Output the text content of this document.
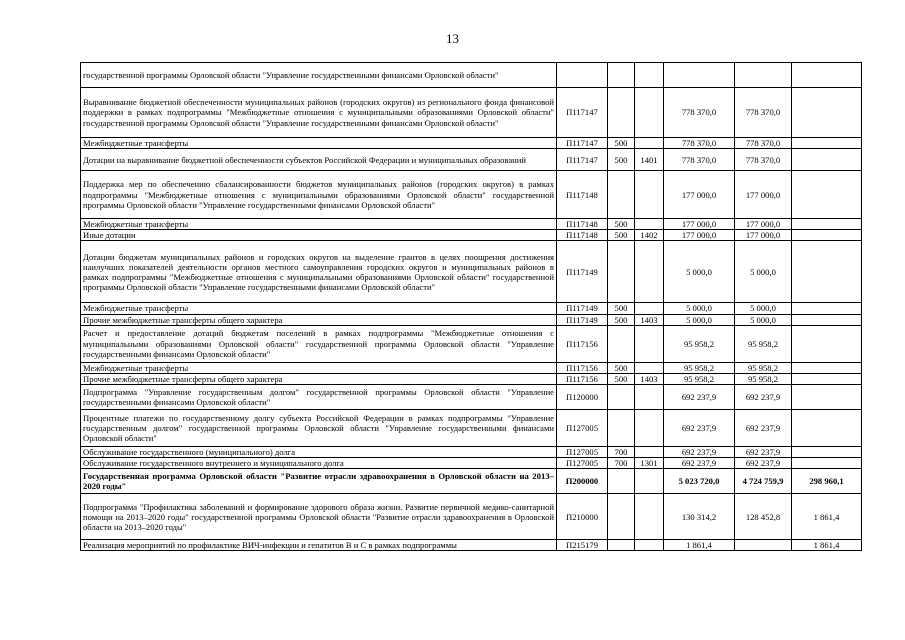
13
государственной программы Орловской области "Управление государственными финансами Орловской области"						
Выравнивание бюджетной обеспеченности муниципальных районов (городских округов) из регионального фонда финансовой поддержки в рамках подпрограммы "Межбюджетные отношения с муниципальными образованиями Орловской области" государственной программы Орловской области "Управление государственными финансами Орловской области"	П117147			778 370,0	778 370,0	
Межбюджетные трансферты	П117147	500		778 370,0	778 370,0	
Дотации на выравнивание бюджетной обеспеченности субъектов Российской Федерации и муниципальных образований	П117147	500	1401	778 370,0	778 370,0	
Поддержка мер по обеспечению сбалансированности бюджетов муниципальных районов (городских округов) в рамках подпрограммы "Межбюджетные отношения с муниципальными образованиями Орловской области" государственной программы Орловской области "Управление государственными финансами Орловской области"	П117148			177 000,0	177 000,0	
Межбюджетные трансферты	П117148	500		177 000,0	177 000,0	
Иные дотации	П117148	500	1402	177 000,0	177 000,0	
Дотации бюджетам муниципальных районов и городских округов на выделение грантов в целях поощрения достижения наилучших показателей деятельности органов местного самоуправления городских округов и муниципальных районов в рамках подпрограммы "Межбюджетные отношения с муниципальными образованиями Орловской области" государственной программы Орловской области "Управление государственными финансами Орловской области"	П117149			5 000,0	5 000,0	
Межбюджетные трансферты	П117149	500		5 000,0	5 000,0	
Прочие межбюджетные трансферты общего характера	П117149	500	1403	5 000,0	5 000,0	
Расчет и предоставление дотаций бюджетам поселений в рамках подпрограммы "Межбюджетные отношения с муниципальными образованиями Орловской области" государственной программы Орловской области "Управление государственными финансами Орловской области"	П117156			95 958,2	95 958,2	
Межбюджетные трансферты	П117156	500		95 958,2	95 958,2	
Прочие межбюджетные трансферты общего характера	П117156	500	1403	95 958,2	95 958,2	
Подпрограмма "Управление государственным долгом" государственной программы Орловской области "Управление государственными финансами Орловской области"	П120000			692 237,9	692 237,9	
Процентные платежи по государственному долгу субъекта Российской Федерации в рамках подпрограммы "Управление государственным долгом" государственной программы Орловской области "Управление государственными финансами Орловской области"	П127005			692 237,9	692 237,9	
Обслуживание государственного (муниципального) долга	П127005	700		692 237,9	692 237,9	
Обслуживание государственного внутреннего и муниципального долга	П127005	700	1301	692 237,9	692 237,9	
Государственная программа Орловской области "Развитие отрасли здравоохранения в Орловской области на 2013–2020 годы"	П200000			5 023 720,0	4 724 759,9	298 960,1
Подпрограмма "Профилактика заболеваний и формирование здорового образа жизни. Развитие первичной медико-санитарной помощи на 2013–2020 годы" государственной программы Орловской области "Развитие отрасли здравоохранения в Орловской области на 2013–2020 годы"	П210000			130 314,2	128 452,8	1 861,4
Реализация мероприятий по профилактике ВИЧ-инфекции и гепатитов В и С в рамках подпрограммы	П215179			1 861,4		1 861,4
